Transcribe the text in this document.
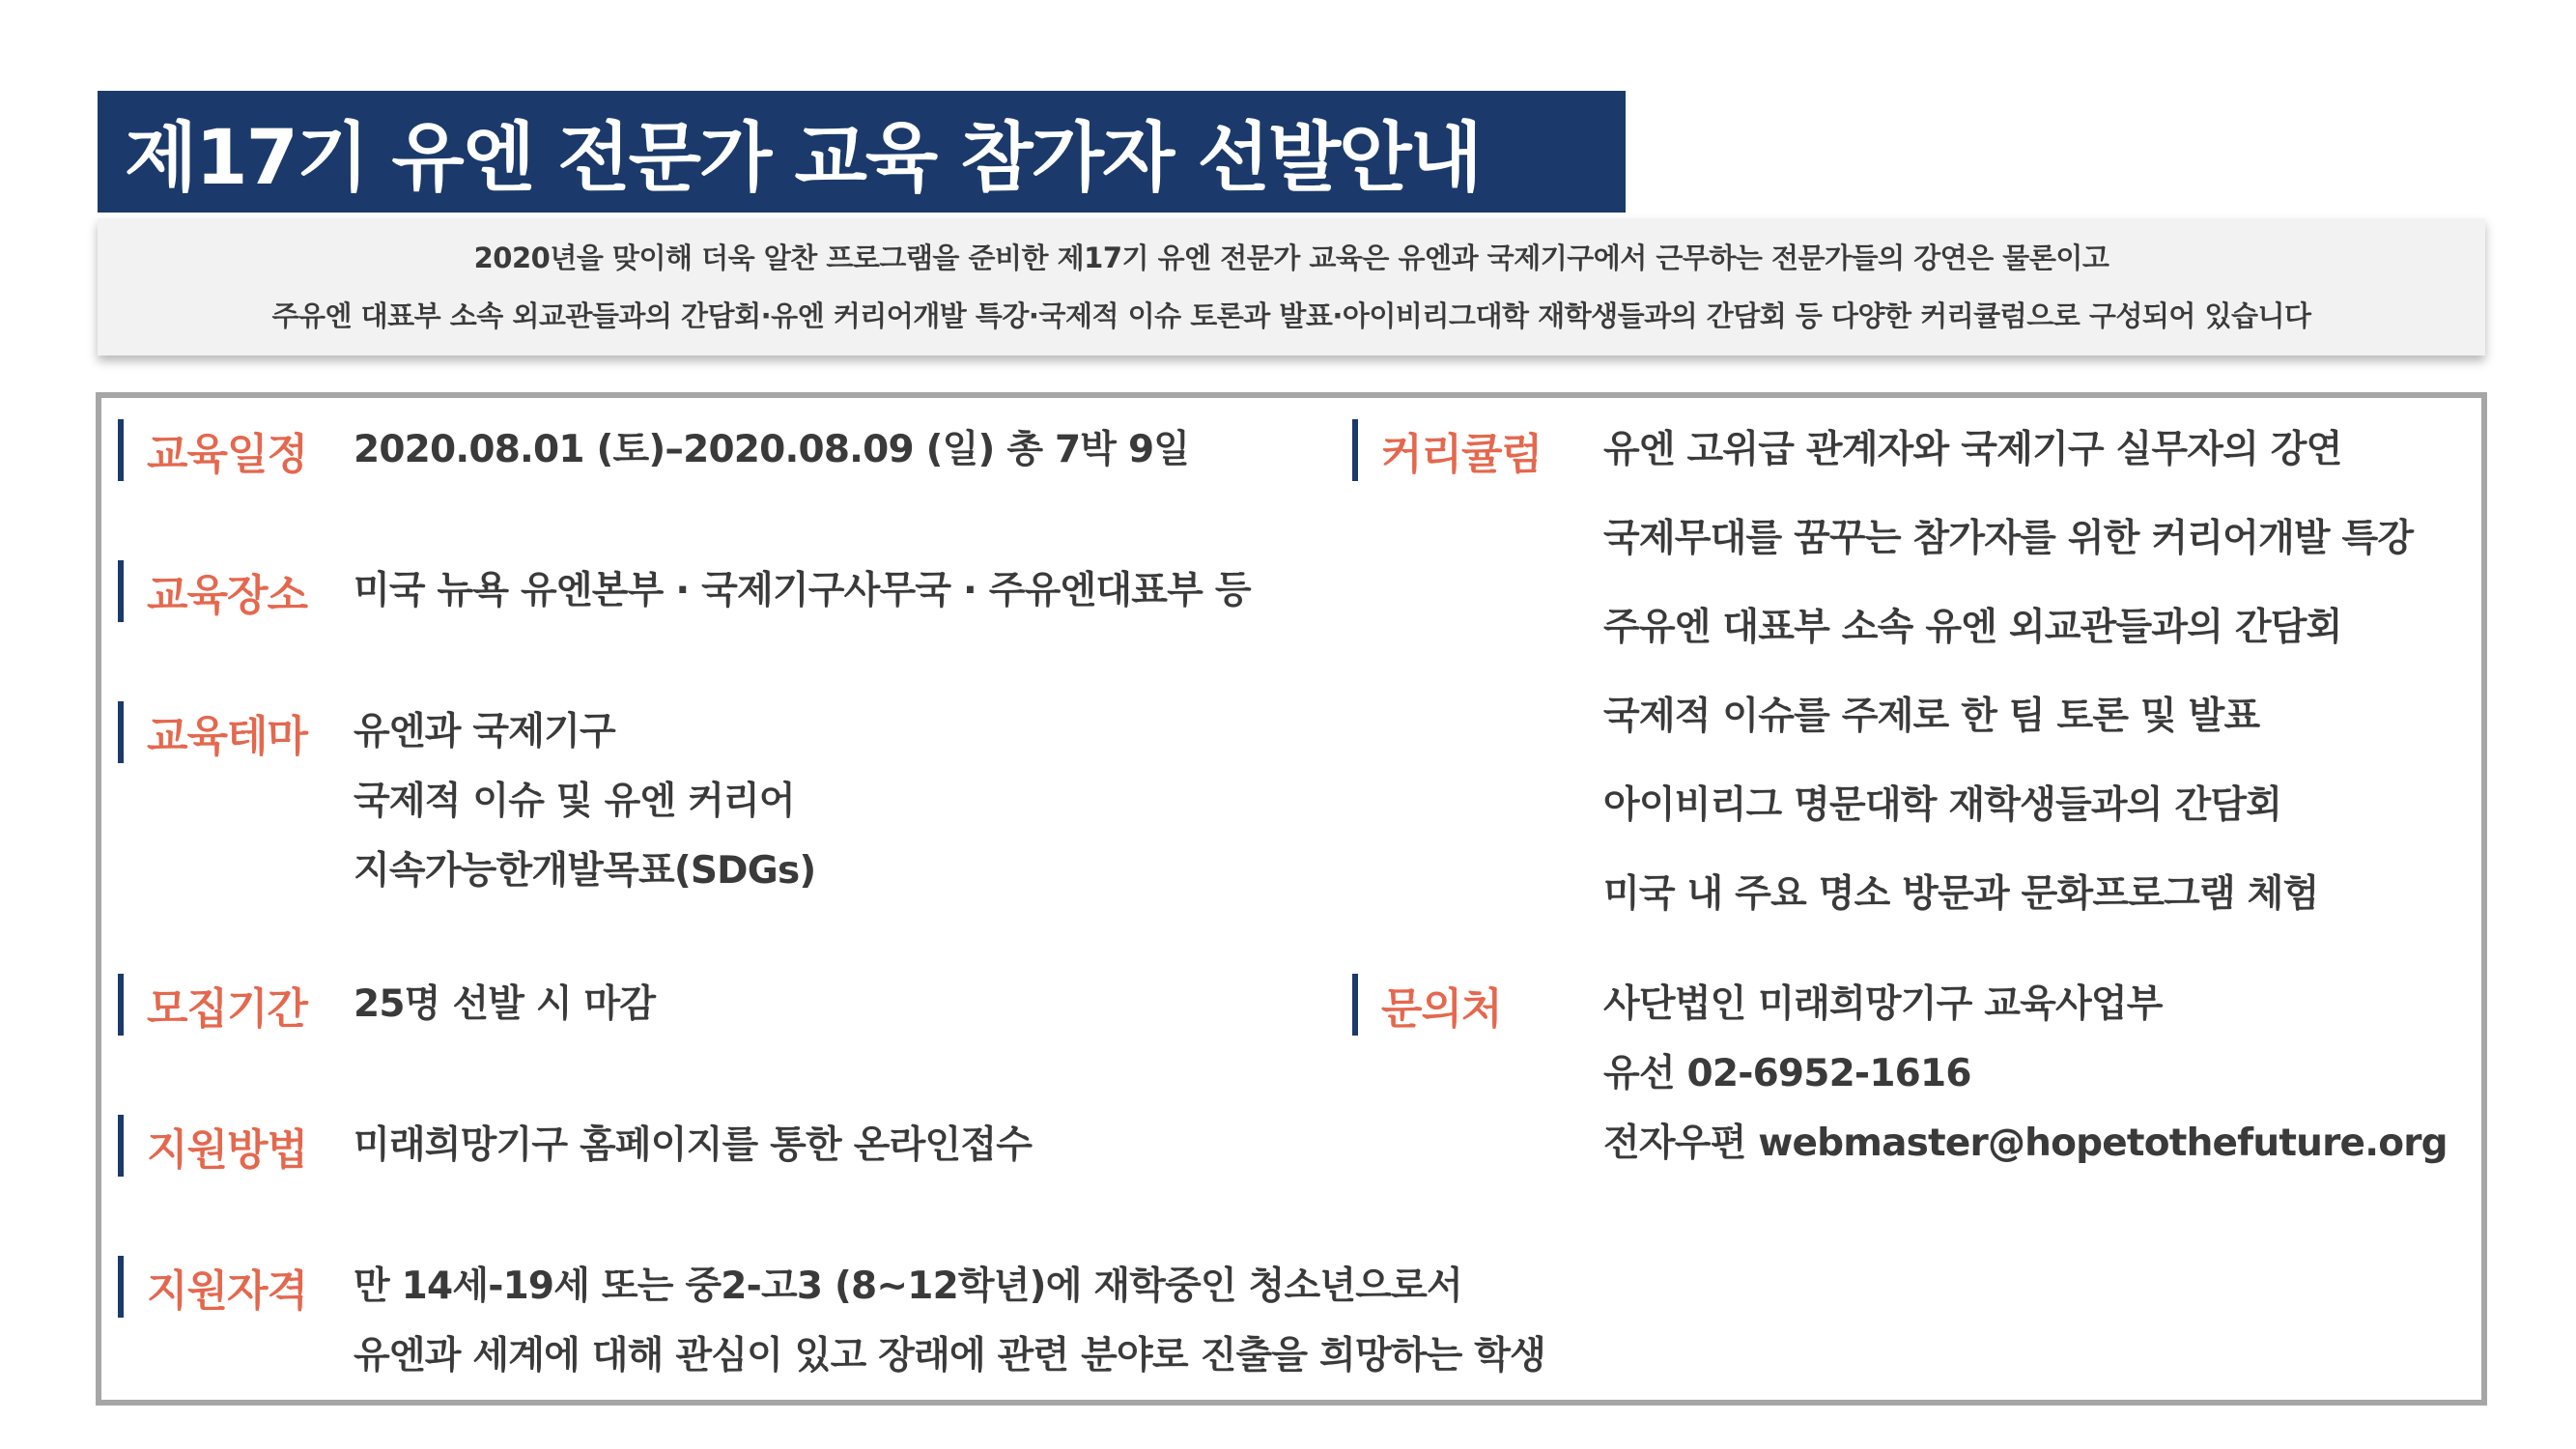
제17기 유엔 전문가 교육 참가자 선발안내
2020년을 맞이해 더욱 알찬 프로그램을 준비한 제17기 유엔 전문가 교육은 유엔과 국제기구에서 근무하는 전문가들의 강연은 물론이고
주유엔 대표부 소속 외교관들과의 간담회·유엔 커리어개발 특강·국제적 이슈 토론과 발표·아이비리그대학 재학생들과의 간담회 등 다양한 커리큘럼으로 구성되어 있습니다
교육일정 2020.08.01 (토)–2020.08.09 (일) 총 7박 9일
교육장소 미국 뉴욕 유엔본부 · 국제기구사무국 · 주유엔대표부 등
교육테마 유엔과 국제기구
국제적 이슈 및 유엔 커리어
지속가능한개발목표(SDGs)
모집기간 25명 선발 시 마감
지원방법 미래희망기구 홈페이지를 통한 온라인접수
지원자격 만 14세-19세 또는 중2-고3 (8~12학년)에 재학중인 청소년으로서
유엔과 세계에 대해 관심이 있고 장래에 관련 분야로 진출을 희망하는 학생
커리큘럼 유엔 고위급 관계자와 국제기구 실무자의 강연
국제무대를 꿈꾸는 참가자를 위한 커리어개발 특강
주유엔 대표부 소속 유엔 외교관들과의 간담회
국제적 이슈를 주제로 한 팀 토론 및 발표
아이비리그 명문대학 재학생들과의 간담회
미국 내 주요 명소 방문과 문화프로그램 체험
문의처	사단법인 미래희망기구 교육사업부
유선 02-6952-1616
전자우편 webmaster@hopetothefuture.org
